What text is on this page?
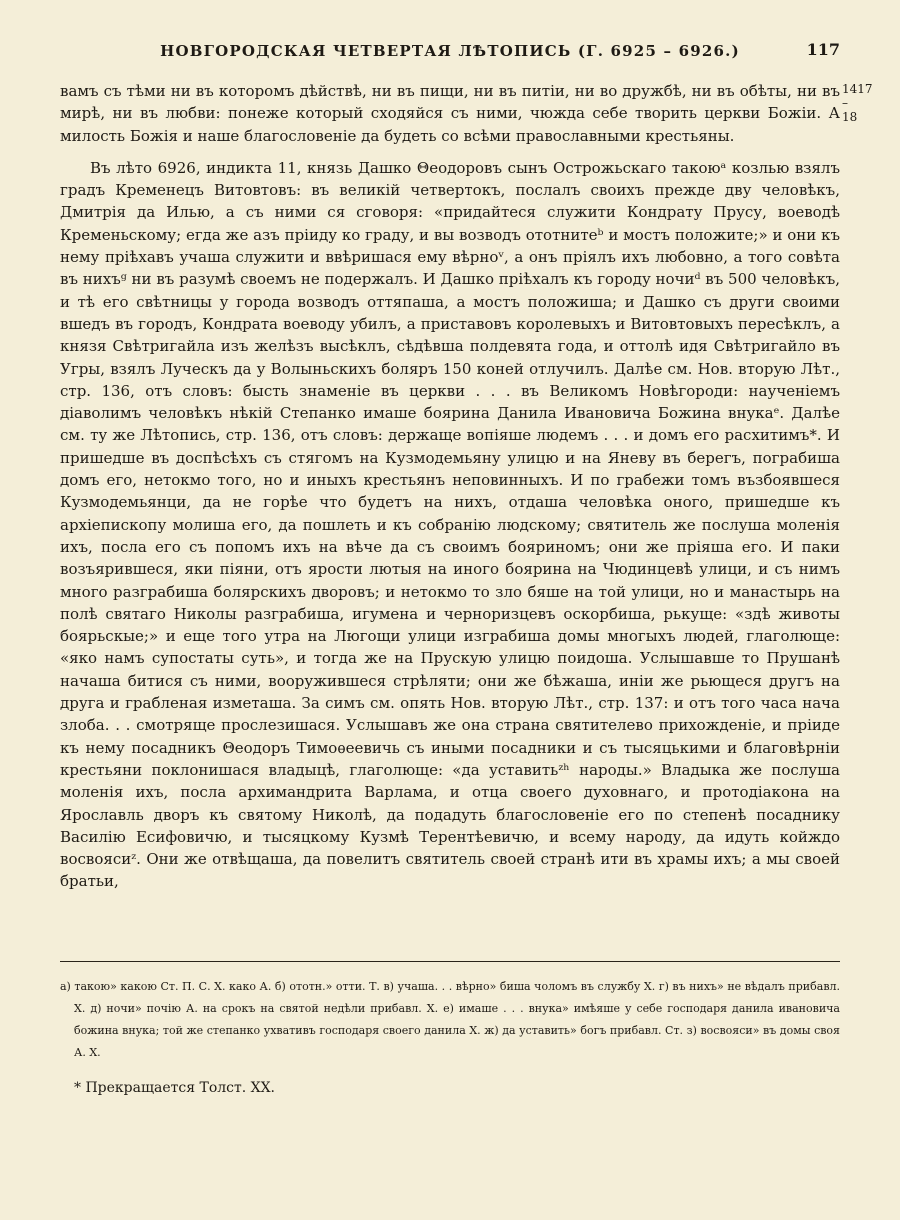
НОВГОРОДСКАЯ ЧЕТВЕРТАЯ ЛѢТОПИСЬ (Г. 6925 – 6926.)	117
1417
– 18

вамъ съ тѣми ни въ которомъ дѣйствѣ, ни въ пищи, ни въ питіи, ни во дружбѣ, ни въ обѣты, ни въ мирѣ, ни въ любви: понеже который сходяйся съ ними, чюжда себе творить церкви Божіи. А милость Божія и наше благословеніе да будеть со всѣми православными крестьяны.

Въ лѣто 6926, индикта 11, князь Дашко Θеодоровъ сынъ Острожьскаго такоюᵃ козлью взялъ градъ Кременецъ Витовтовъ: въ великій четвертокъ, послалъ своихъ прежде дву человѣкъ, Дмитрія да Илью, а съ ними ся сговоря: «придайтеся служити Кондрату Прусу, воеводѣ Кременьскому; егда же азъ пріиду ко граду, и вы возводъ ототнитеᵇ и мостъ положите;» и они къ нему пріѣхавъ учаша служити и ввѣришася ему вѣрноᵛ, а онъ пріялъ ихъ любовно, а того совѣта въ нихъᵍ ни въ разумѣ своемъ не подержалъ. И Дашко пріѣхалъ къ городу ночиᵈ въ 500 человѣкъ, и тѣ его свѣтницы у города возводъ оттяпаша, а мостъ положиша; и Дашко съ други своими вшедъ въ городъ, Кондрата воеводу убилъ, а приставовъ королевыхъ и Витовтовыхъ пересѣклъ, а князя Свѣтригайла изъ желѣзъ высѣклъ, сѣдѣвша полдевята года, и оттолѣ идя Свѣтригайло въ Угры, взялъ Луческъ да у Волыньскихъ боляръ 150 коней отлучилъ. Далѣе см. Нов. вторую Лѣт., стр. 136, отъ словъ: бысть знаменіе въ церкви . . . въ Великомъ Новѣгороди: наученіемъ діаволимъ человѣкъ нѣкій Степанко имаше боярина Данила Ивановича Божина внукаᵉ. Далѣе см. ту же Лѣтопись, стр. 136, отъ словъ: держаще вопіяше людемъ . . . и домъ его расхитимъ*. И пришедше въ доспѣсѣхъ съ стягомъ на Кузмодемьяну улицю и на Яневу въ берегъ, пограбиша домъ его, нетокмо того, но и иныхъ крестьянъ неповинныхъ. И по грабежи томъ възбоявшеся Кузмодемьянци, да не горѣе что будетъ на нихъ, отдаша человѣка оного, пришедше къ архіепископу молиша его, да пошлеть и къ собранію людскому; святитель же послуша моленія ихъ, посла его съ попомъ ихъ на вѣче да съ своимъ бояриномъ; они же пріяша его. И паки возъярившеся, яки піяни, отъ ярости лютыя на иного боярина на Чюдинцевѣ улици, и съ нимъ много разграбиша болярскихъ дворовъ; и нетокмо то зло бяше на той улици, но и манастырь на полѣ святаго Николы разграбиша, игумена и черноризцевъ оскорбиша, рькуще: «здѣ животы боярьскые;» и еще того утра на Люгощи улици изграбиша домы многыхъ людей, глаголюще: «яко намъ супостаты суть», и тогда же на Прускую улицю поидоша. Услышавше то Прушанѣ начаша битися съ ними, вооружившеся стрѣляти; они же бѣжаша, иніи же рьющеся другъ на друга и грабленая изметаша. За симъ см. опять Нов. вторую Лѣт., стр. 137: и отъ того часа нача злоба. . . смотряще прослезишася. Услышавъ же она страна святителево прихожденіе, и пріиде къ нему посадникъ Θеодоръ Тимоѳеевичь съ иными посадники и съ тысяцькими и благовѣрніи крестьяни поклонишася владыцѣ, глаголюще: «да уставитьᶻʰ народы.» Владыка же послуша моленія ихъ, посла архимандрита Варлама, и отца своего духовнаго, и протодіакона на Ярославль дворъ къ святому Николѣ, да подадуть благословеніе его по степенѣ посаднику Василію Есифовичю, и тысяцкому Кузмѣ Терентѣевичю, и всему народу, да идуть койждо восвоясиᶻ. Они же отвѣщаша, да повелитъ святитель своей странѣ ити въ храмы ихъ; а мы своей братьи,

а) такою» какою Ст. П. С. Х. како А. б) ототн.» отти. Т. в) учаша. . . вѣрно» биша чоломъ въ службу Х. г) въ нихъ» не вѣдалъ прибавл. Х. д) ночи» почію А. на срокъ на святой недѣли прибавл. Х. е) имаше . . . внука» имѣяше у себе господаря данила ивановича божина внука; той же степанко ухвативъ господаря своего данила Х. ж) да уставить» богъ прибавл. Ст. з) восвояси» въ домы своя А. Х.

* Прекращается Толст. XX.
